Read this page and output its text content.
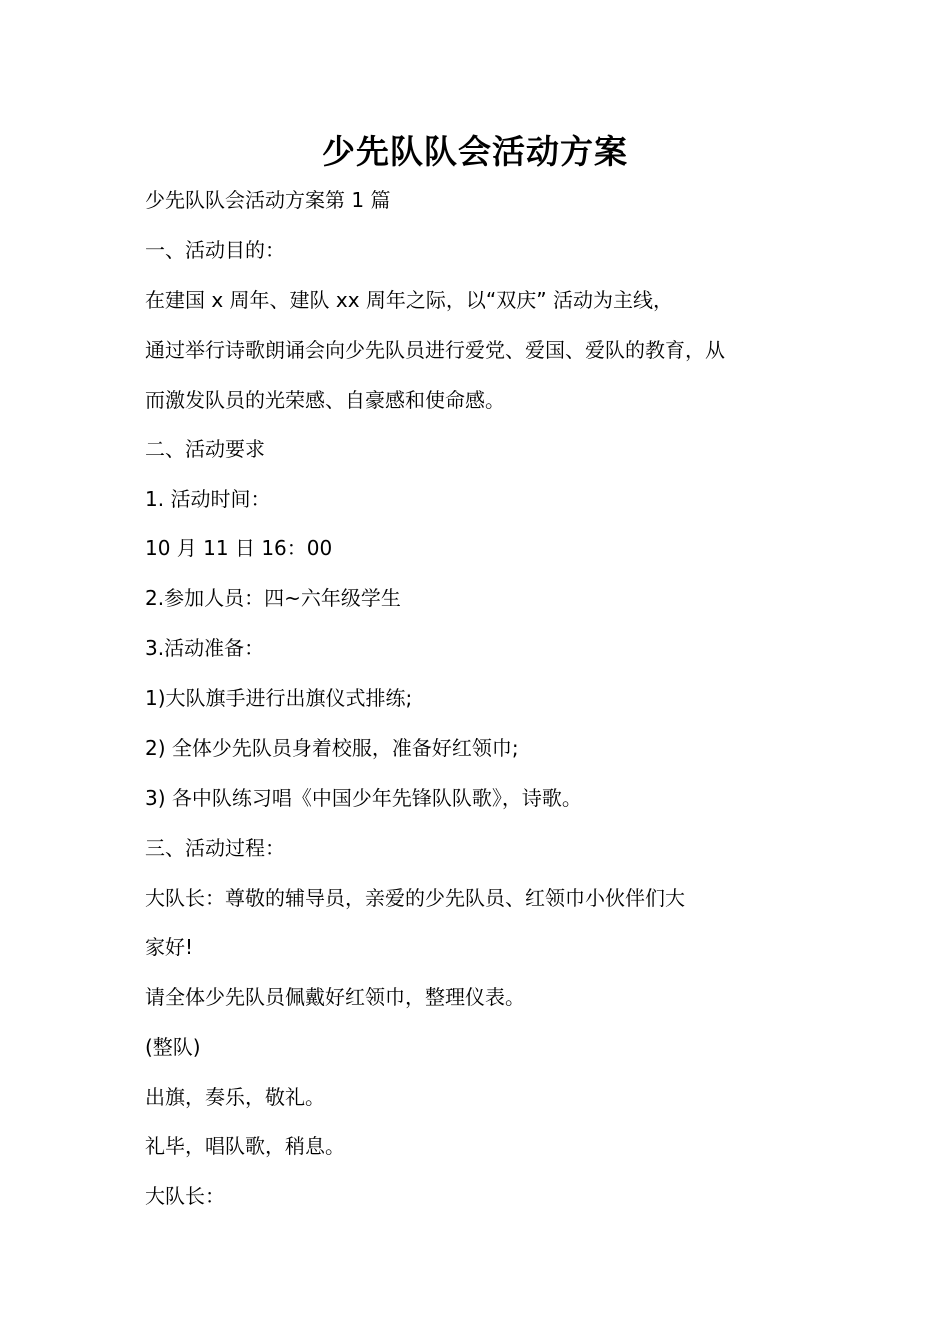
少先队队会活动方案
少先队队会活动方案第 1 篇
一、活动目的：
在建国 x 周年、建队 xx 周年之际，以“双庆” 活动为主线，
通过举行诗歌朗诵会向少先队员进行爱党、爱国、爱队的教育，从
而激发队员的光荣感、自豪感和使命感。
二、活动要求
1. 活动时间：
10 月 11 日 16：00
2.参加人员：四~六年级学生
3.活动准备：
1)大队旗手进行出旗仪式排练;
2) 全体少先队员身着校服，准备好红领巾;
3) 各中队练习唱《中国少年先锋队队歌》，诗歌。
三、活动过程：
大队长：尊敬的辅导员，亲爱的少先队员、红领巾小伙伴们大
家好!
请全体少先队员佩戴好红领巾，整理仪表。
(整队)
出旗，奏乐，敬礼。
礼毕，唱队歌，稍息。
大队长：
